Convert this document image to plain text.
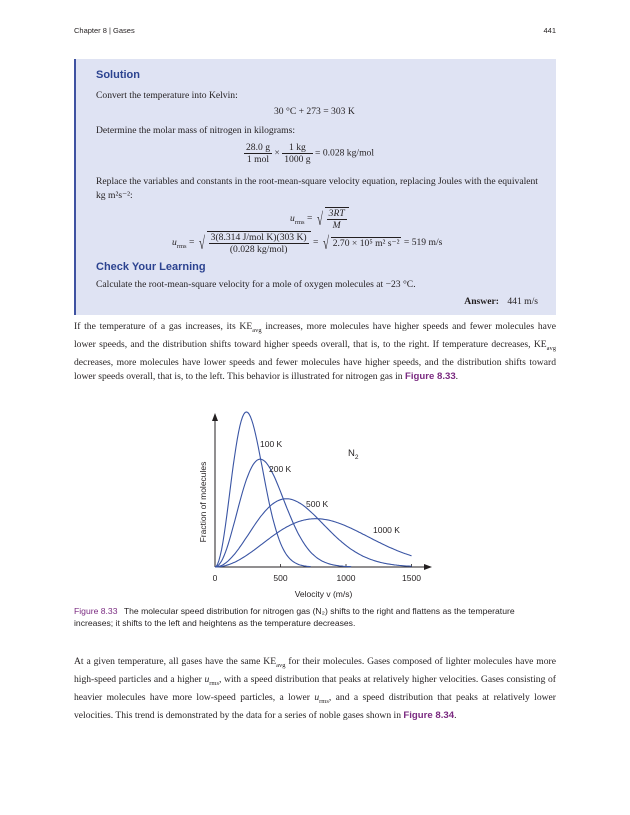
Chapter 8 | Gases	441
Solution
Convert the temperature into Kelvin:
30 °C + 273 = 303 K
Determine the molar mass of nitrogen in kilograms:
$\frac{28.0 g}{\text{1 mol}} \times \frac{1 kg}{1000 g} = 0.028$ kg/mol
Replace the variables and constants in the root-mean-square velocity equation, replacing Joules with the equivalent kg m²s⁻²:
$u_{rms}$ = √ $\frac{3RT}{M}$
$u_{rms}$ = √ $\frac{\text{3(8.314 J/mol K)(303 K)}}{\text{(0.028 kg/mol)}}$ = √ 2.70 × 10⁵ m² s⁻² = 519 m/s
Check Your Learning
Calculate the root-mean-square velocity for a mole of oxygen molecules at −23 °C.
Answer: 441 m/s
If the temperature of a gas increases, its $KE_{avg}$ increases, more molecules have higher speeds and fewer molecules have lower speeds, and the distribution shifts toward higher speeds overall, that is, to the right. If temperature decreases, $KE_{avg}$ decreases, more molecules have lower speeds and fewer molecules have higher speeds, and the distribution shifts toward lower speeds overall, that is, to the left. This behavior is illustrated for nitrogen gas in Figure 8.33.
0	500	1000	1500
Velocity v (m/s)
Fraction of molecules
$N_2$
100 K
200 K
500 K
1000 K
Figure 8.33 The molecular speed distribution for nitrogen gas (N₂) shifts to the right and flattens as the temperature increases; it shifts to the left and heightens as the temperature decreases.
At a given temperature, all gases have the same $KE_{avg}$ for their molecules. Gases composed of lighter molecules have more high-speed particles and a higher $u_{rms}$, with a speed distribution that peaks at relatively higher velocities. Gases consisting of heavier molecules have more low-speed particles, a lower $u_{rms}$, and a speed distribution that peaks at relatively lower velocities. This trend is demonstrated by the data for a series of noble gases shown in Figure 8.34.
